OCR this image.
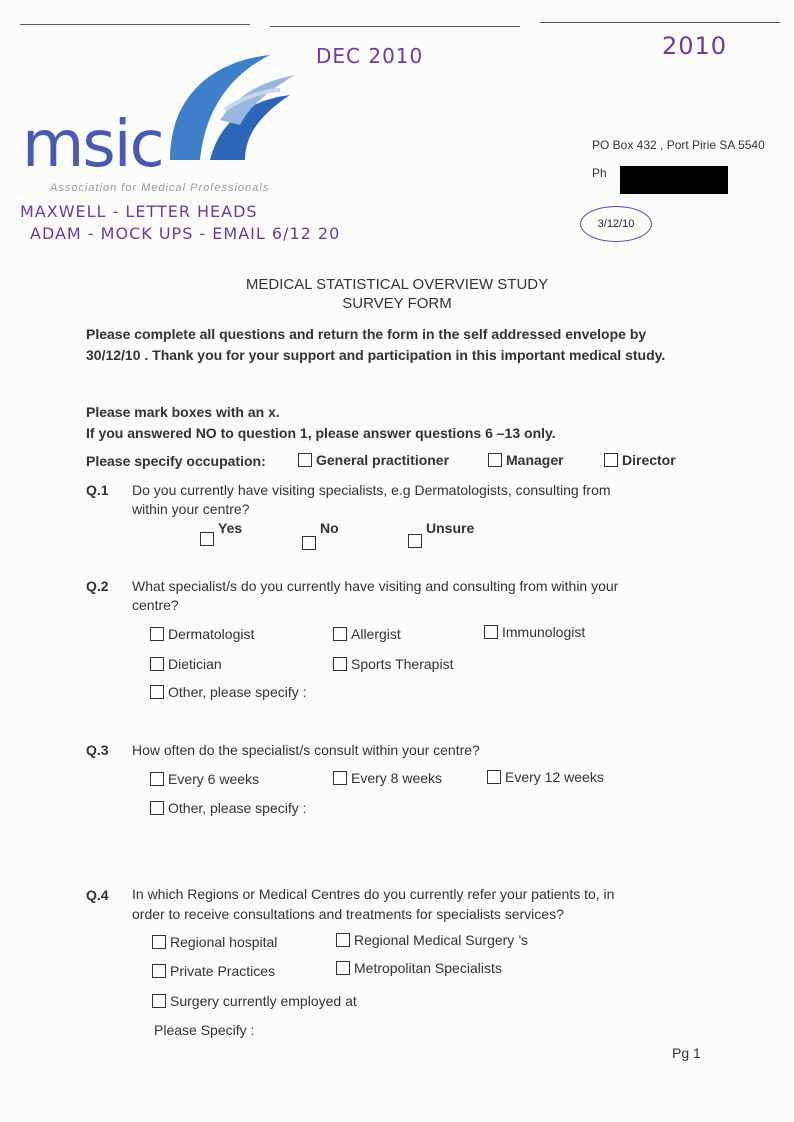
DEC 2010	2010
msic
Association for Medical Professionals
MAXWELL - LETTER HEADS
ADAM - MOCK UPS - EMAIL 6/12 20
PO Box 432 , Port Pirie SA 5540
Ph
3/12/10
MEDICAL STATISTICAL OVERVIEW STUDY
SURVEY FORM
Please complete all questions and return the form in the self addressed envelope by
30/12/10 . Thank you for your support and participation in this important medical study.
Please mark boxes with an x.
If you answered NO to question 1, please answer questions 6 –13 only.
Please specify occupation:	General practitioner	Manager	Director
Q.1 Do you currently have visiting specialists, e.g Dermatologists, consulting from
within your centre?
Yes	No	Unsure
Q.2 What specialist/s do you currently have visiting and consulting from within your
centre?
Dermatologist	Allergist	Immunologist
Dietician	Sports Therapist
Other, please specify :
Q.3 How often do the specialist/s consult within your centre?
Every 6 weeks	Every 8 weeks	Every 12 weeks
Other, please specify :
Q.4 In which Regions or Medical Centres do you currently refer your patients to, in
order to receive consultations and treatments for specialists services?
Regional hospital	Regional Medical Surgery ’s
Private Practices	Metropolitan Specialists
Surgery currently employed at
Please Specify :
Pg 1
